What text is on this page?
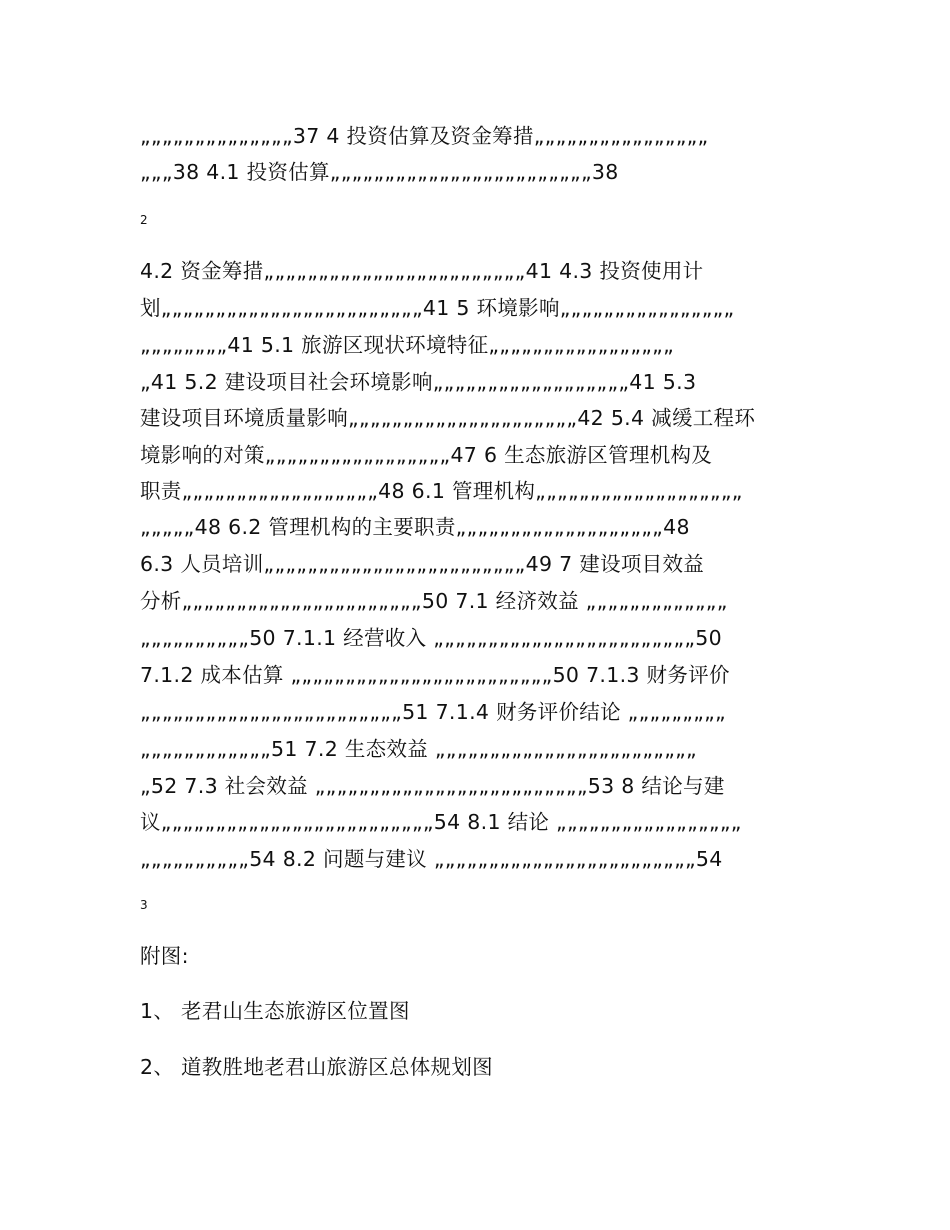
„„„„„„„„„„„„„„37 4 投资估算及资金筹措„„„„„„„„„„„„„„„„
„„„38 4.1 投资估算„„„„„„„„„„„„„„„„„„„„„„„„38
2
4.2 资金筹措„„„„„„„„„„„„„„„„„„„„„„„„41 4.3 投资使用计
划„„„„„„„„„„„„„„„„„„„„„„„„41 5 环境影响„„„„„„„„„„„„„„„„
„„„„„„„„41 5.1 旅游区现状环境特征„„„„„„„„„„„„„„„„„
„41 5.2 建设项目社会环境影响„„„„„„„„„„„„„„„„„„41 5.3
建设项目环境质量影响„„„„„„„„„„„„„„„„„„„„„42 5.4 减缓工程环
境影响的对策„„„„„„„„„„„„„„„„„47 6 生态旅游区管理机构及
职责„„„„„„„„„„„„„„„„„„48 6.1 管理机构„„„„„„„„„„„„„„„„„„„
„„„„„48 6.2 管理机构的主要职责„„„„„„„„„„„„„„„„„„„48
6.3 人员培训„„„„„„„„„„„„„„„„„„„„„„„„49 7 建设项目效益
分析„„„„„„„„„„„„„„„„„„„„„„50 7.1 经济效益 „„„„„„„„„„„„„
„„„„„„„„„„50 7.1.1 经营收入 „„„„„„„„„„„„„„„„„„„„„„„„50
7.1.2 成本估算 „„„„„„„„„„„„„„„„„„„„„„„„50 7.1.3 财务评价
„„„„„„„„„„„„„„„„„„„„„„„„51 7.1.4 财务评价结论 „„„„„„„„„
„„„„„„„„„„„„51 7.2 生态效益 „„„„„„„„„„„„„„„„„„„„„„„„
„52 7.3 社会效益 „„„„„„„„„„„„„„„„„„„„„„„„„53 8 结论与建
议„„„„„„„„„„„„„„„„„„„„„„„„„54 8.1 结论 „„„„„„„„„„„„„„„„„
„„„„„„„„„„54 8.2 问题与建议 „„„„„„„„„„„„„„„„„„„„„„„„54
3
附图:
1、 老君山生态旅游区位置图
2、 道教胜地老君山旅游区总体规划图
